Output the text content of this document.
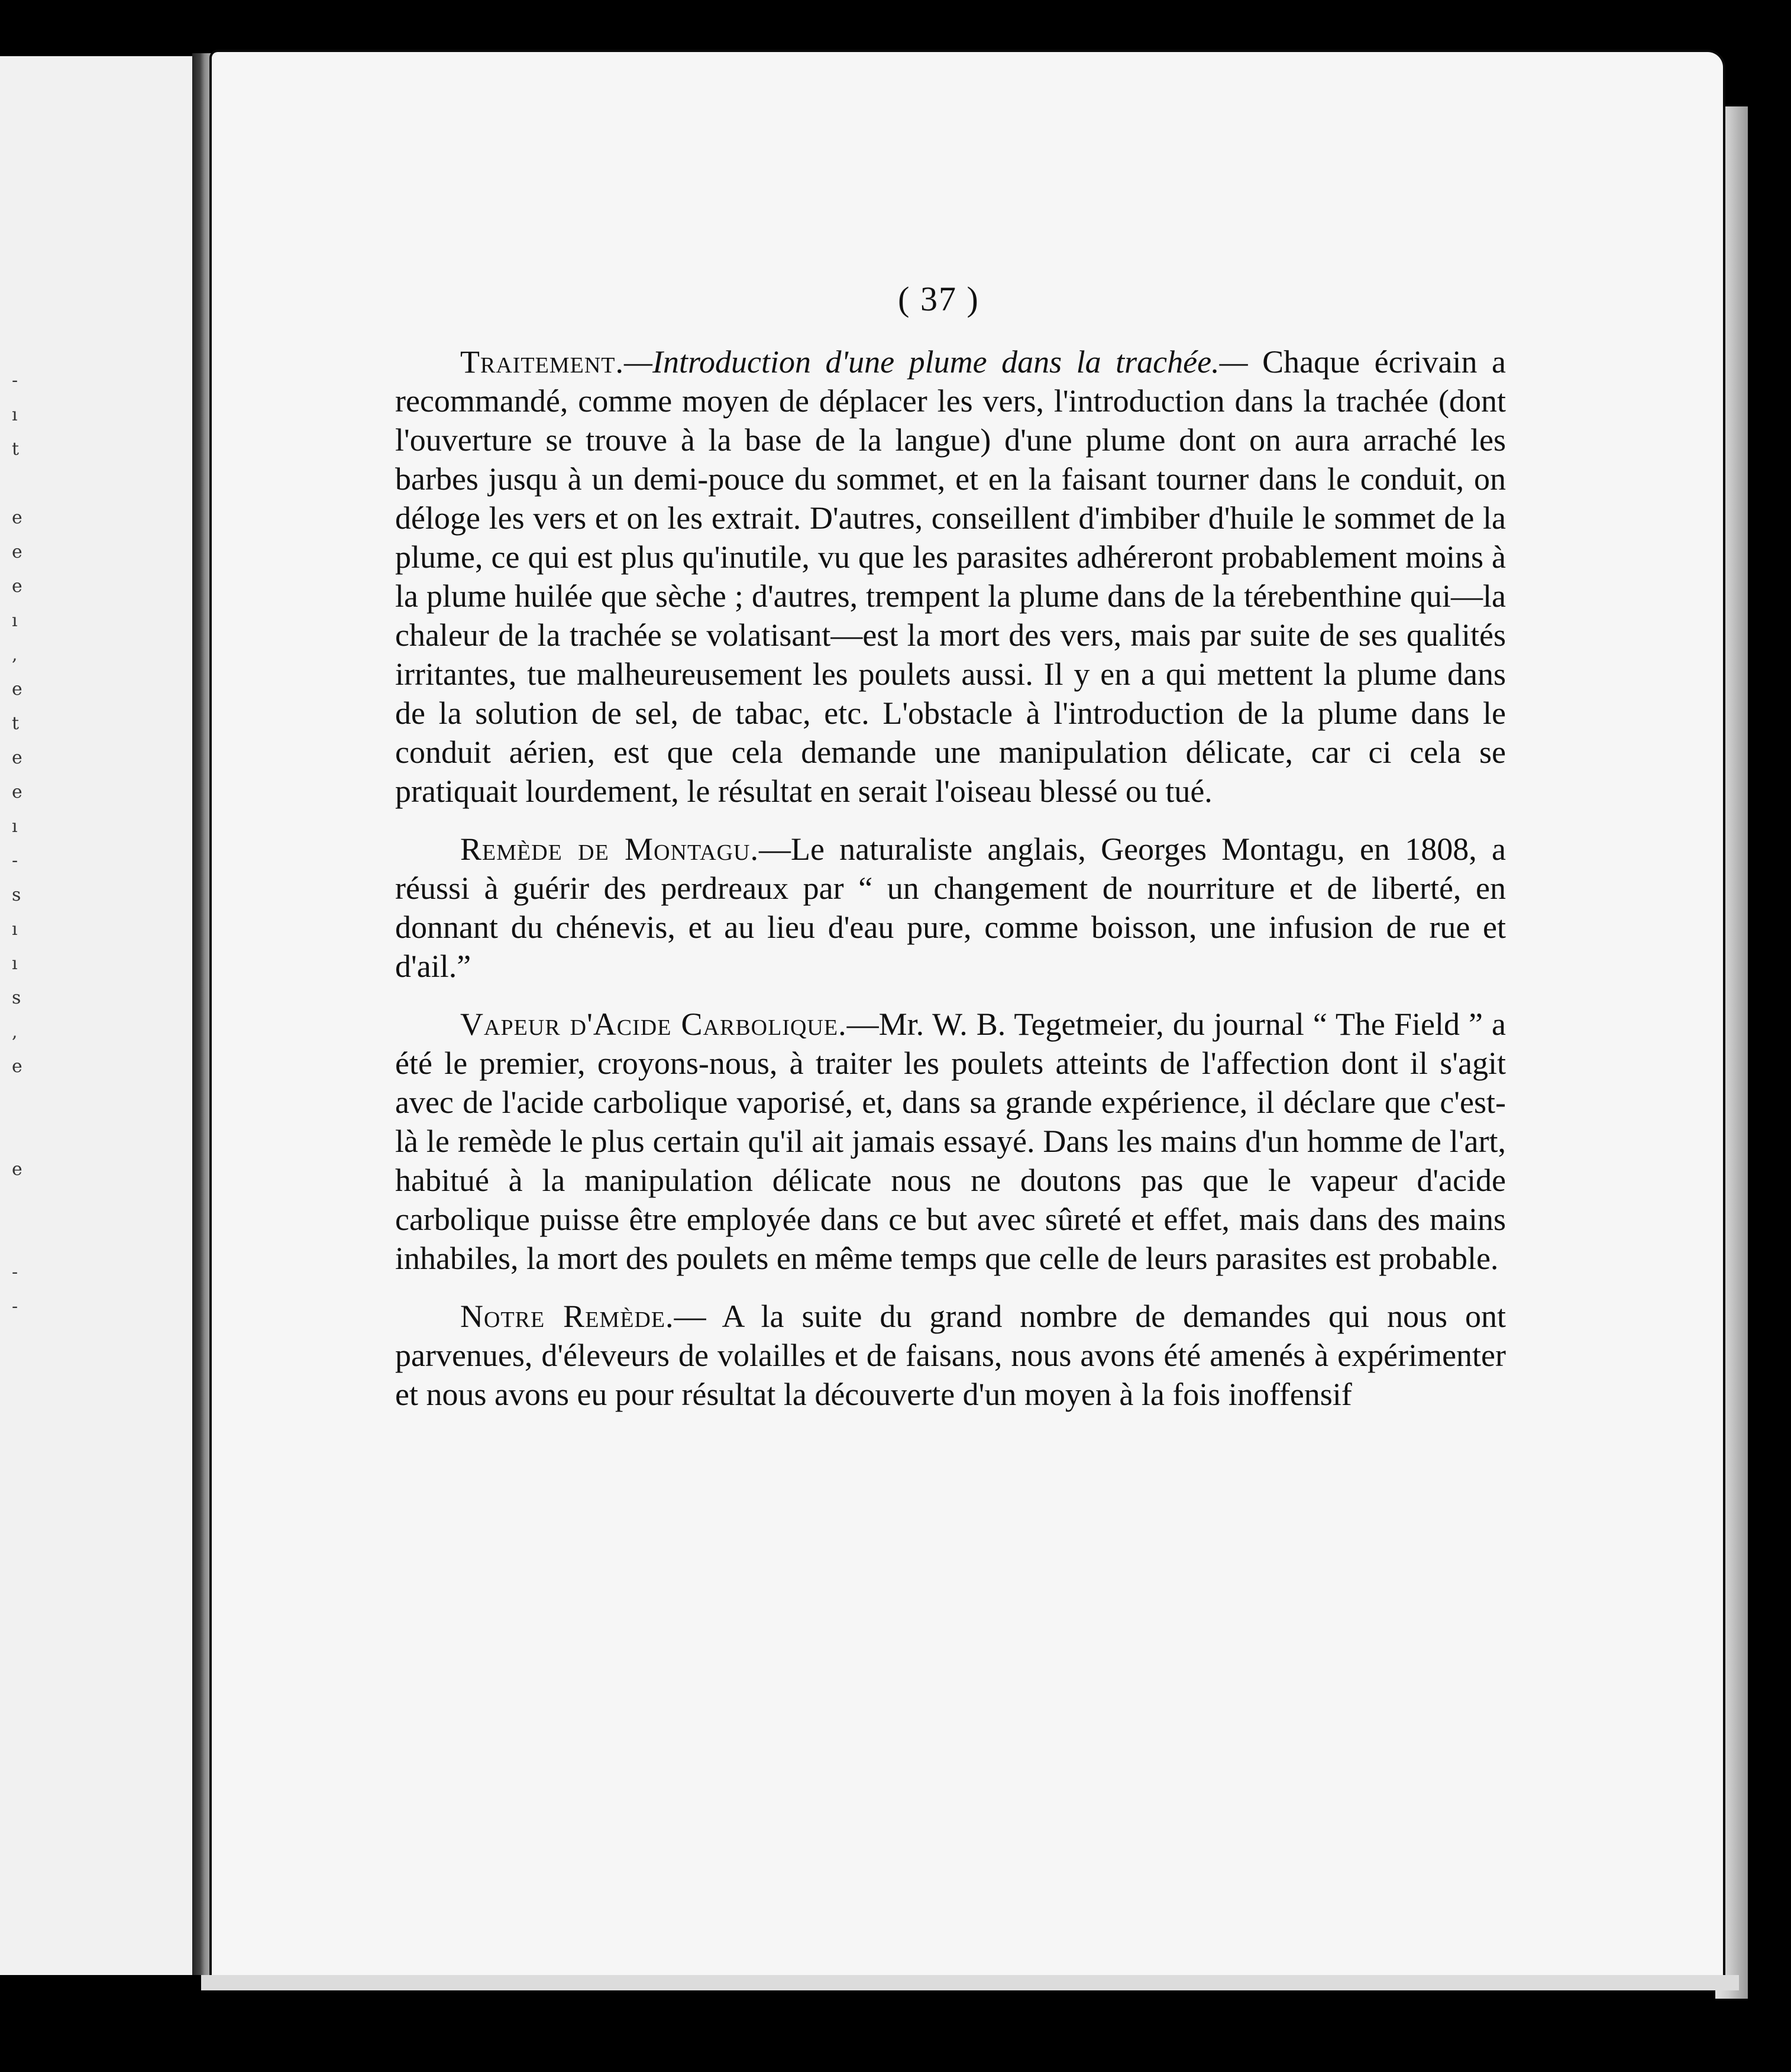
-
ı
t

e
e
e
ı
,
e
t
e
e
ı
-
s
ı
ı
s
,
e

e

-
-
( 37 )

Traitement.—Introduction d'une plume dans la trachée.— Chaque écrivain a recommandé, comme moyen de déplacer les vers, l'introduction dans la trachée (dont l'ouverture se trouve à la base de la langue) d'une plume dont on aura arraché les barbes jusqu à un demi-pouce du sommet, et en la faisant tourner dans le conduit, on déloge les vers et on les extrait. D'autres, conseillent d'imbiber d'huile le sommet de la plume, ce qui est plus qu'inutile, vu que les parasites adhéreront probablement moins à la plume huilée que sèche ; d'autres, trempent la plume dans de la térebenthine qui—la chaleur de la trachée se volatisant—est la mort des vers, mais par suite de ses qualités irritantes, tue malheureusement les poulets aussi. Il y en a qui mettent la plume dans de la solution de sel, de tabac, etc. L'obstacle à l'introduction de la plume dans le conduit aérien, est que cela demande une manipulation délicate, car ci cela se pratiquait lourdement, le résultat en serait l'oiseau blessé ou tué.

Remède de Montagu.—Le naturaliste anglais, Georges Montagu, en 1808, a réussi à guérir des perdreaux par “ un changement de nourriture et de liberté, en donnant du chénevis, et au lieu d'eau pure, comme boisson, une infusion de rue et d'ail.”

Vapeur d'Acide Carbolique.—Mr. W. B. Tegetmeier, du journal “ The Field ” a été le premier, croyons-nous, à traiter les poulets atteints de l'affection dont il s'agit avec de l'acide carbolique vaporisé, et, dans sa grande expérience, il déclare que c'est-là le remède le plus certain qu'il ait jamais essayé. Dans les mains d'un homme de l'art, habitué à la manipulation délicate nous ne doutons pas que le vapeur d'acide carbolique puisse être employée dans ce but avec sûreté et effet, mais dans des mains inhabiles, la mort des poulets en même temps que celle de leurs parasites est probable.

Notre Remède.— A la suite du grand nombre de demandes qui nous ont parvenues, d'éleveurs de volailles et de faisans, nous avons été amenés à expérimenter et nous avons eu pour résultat la découverte d'un moyen à la fois inoffensif
